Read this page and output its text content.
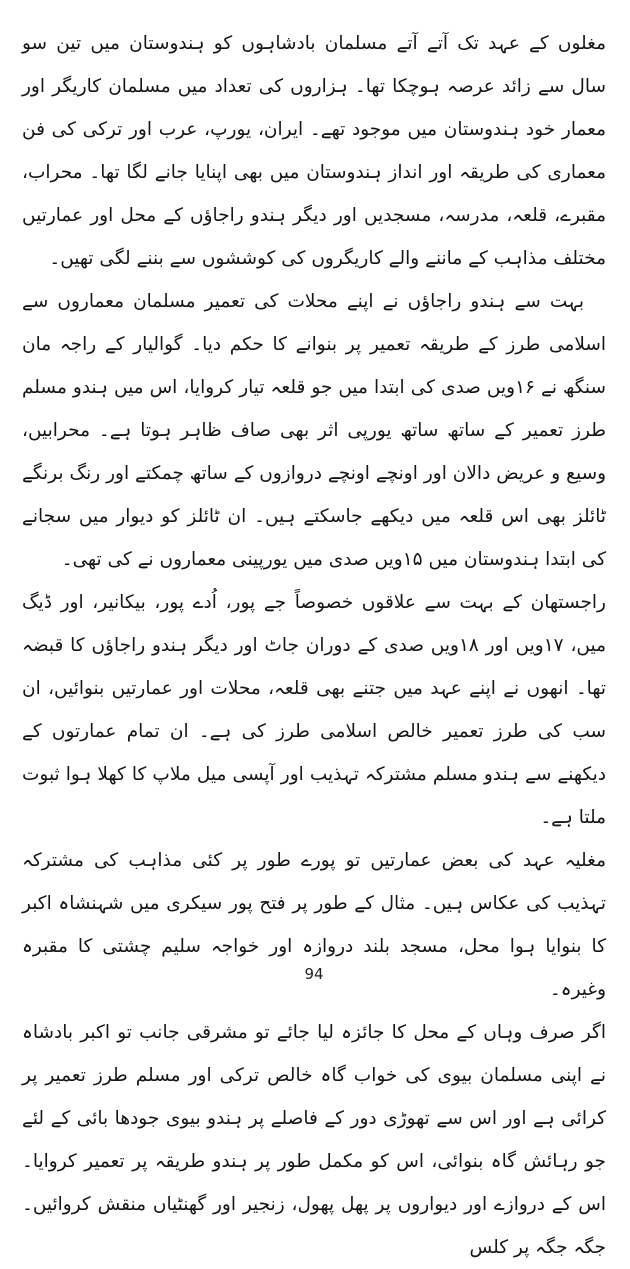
مغلوں کے عہد تک آتے آتے مسلمان بادشاہوں کو ہندوستان میں تین سو سال سے زائد عرصہ ہوچکا تھا۔ ہزاروں کی تعداد میں مسلمان کاریگر اور معمار خود ہندوستان میں موجود تھے۔ ایران، یورپ، عرب اور ترکی کی فن معماری کی طریقہ اور انداز ہندوستان میں بھی اپنایا جانے لگا تھا۔ محراب، مقبرے، قلعہ، مدرسہ، مسجدیں اور دیگر ہندو راجاؤں کے محل اور عمارتیں مختلف مذاہب کے ماننے والے کاریگروں کی کوششوں سے بننے لگی تھیں۔

بہت سے ہندو راجاؤں نے اپنے محلات کی تعمیر مسلمان معماروں سے اسلامی طرز کے طریقہ تعمیر پر بنوانے کا حکم دیا۔ گوالیار کے راجہ مان سنگھ نے ۱۶ویں صدی کی ابتدا میں جو قلعہ تیار کروایا، اس میں ہندو مسلم طرز تعمیر کے ساتھ ساتھ یورپی اثر بھی صاف ظاہر ہوتا ہے۔ محرابیں، وسیع و عریض دالان اور اونچے اونچے دروازوں کے ساتھ چمکتے اور رنگ برنگے ٹائلز بھی اس قلعہ میں دیکھے جاسکتے ہیں۔ ان ٹائلز کو دیوار میں سجانے کی ابتدا ہندوستان میں ۱۵ویں صدی میں یورپینی معماروں نے کی تھی۔

راجستھان کے بہت سے علاقوں خصوصاً جے پور، اُدے پور، بیکانیر، اور ڈیگ میں، ۱۷ویں اور ۱۸ویں صدی کے دوران جاٹ اور دیگر ہندو راجاؤں کا قبضہ تھا۔ انھوں نے اپنے عہد میں جتنے بھی قلعہ، محلات اور عمارتیں بنوائیں، ان سب کی طرز تعمیر خالص اسلامی طرز کی ہے۔ ان تمام عمارتوں کے دیکھنے سے ہندو مسلم مشترکہ تہذیب اور آپسی میل ملاپ کا کھلا ہوا ثبوت ملتا ہے۔

مغلیہ عہد کی بعض عمارتیں تو پورے طور پر کئی مذاہب کی مشترکہ تہذیب کی عکاس ہیں۔ مثال کے طور پر فتح پور سیکری میں شہنشاہ اکبر کا بنوایا ہوا محل، مسجد بلند دروازہ اور خواجہ سلیم چشتی کا مقبرہ وغیرہ۔

اگر صرف وہاں کے محل کا جائزہ لیا جائے تو مشرقی جانب تو اکبر بادشاہ نے اپنی مسلمان بیوی کی خواب گاہ خالص ترکی اور مسلم طرز تعمیر پر کرائی ہے اور اس سے تھوڑی دور کے فاصلے پر ہندو بیوی جودھا بائی کے لئے جو رہائش گاہ بنوائی، اس کو مکمل طور پر ہندو طریقہ پر تعمیر کروایا۔ اس کے دروازے اور دیواروں پر پھل پھول، زنجیر اور گھنٹیاں منقش کروائیں۔ جگہ جگہ پر کلس

94
